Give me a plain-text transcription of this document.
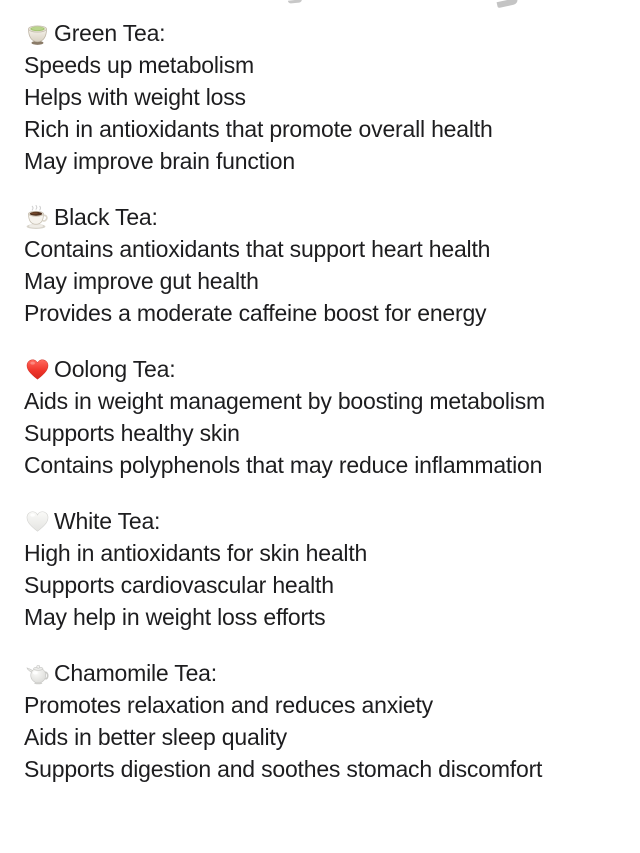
Green Tea:
Speeds up metabolism
Helps with weight loss
Rich in antioxidants that promote overall health
May improve brain function
Black Tea:
Contains antioxidants that support heart health
May improve gut health
Provides a moderate caffeine boost for energy
Oolong Tea:
Aids in weight management by boosting metabolism
Supports healthy skin
Contains polyphenols that may reduce inflammation
White Tea:
High in antioxidants for skin health
Supports cardiovascular health
May help in weight loss efforts
Chamomile Tea:
Promotes relaxation and reduces anxiety
Aids in better sleep quality
Supports digestion and soothes stomach discomfort
